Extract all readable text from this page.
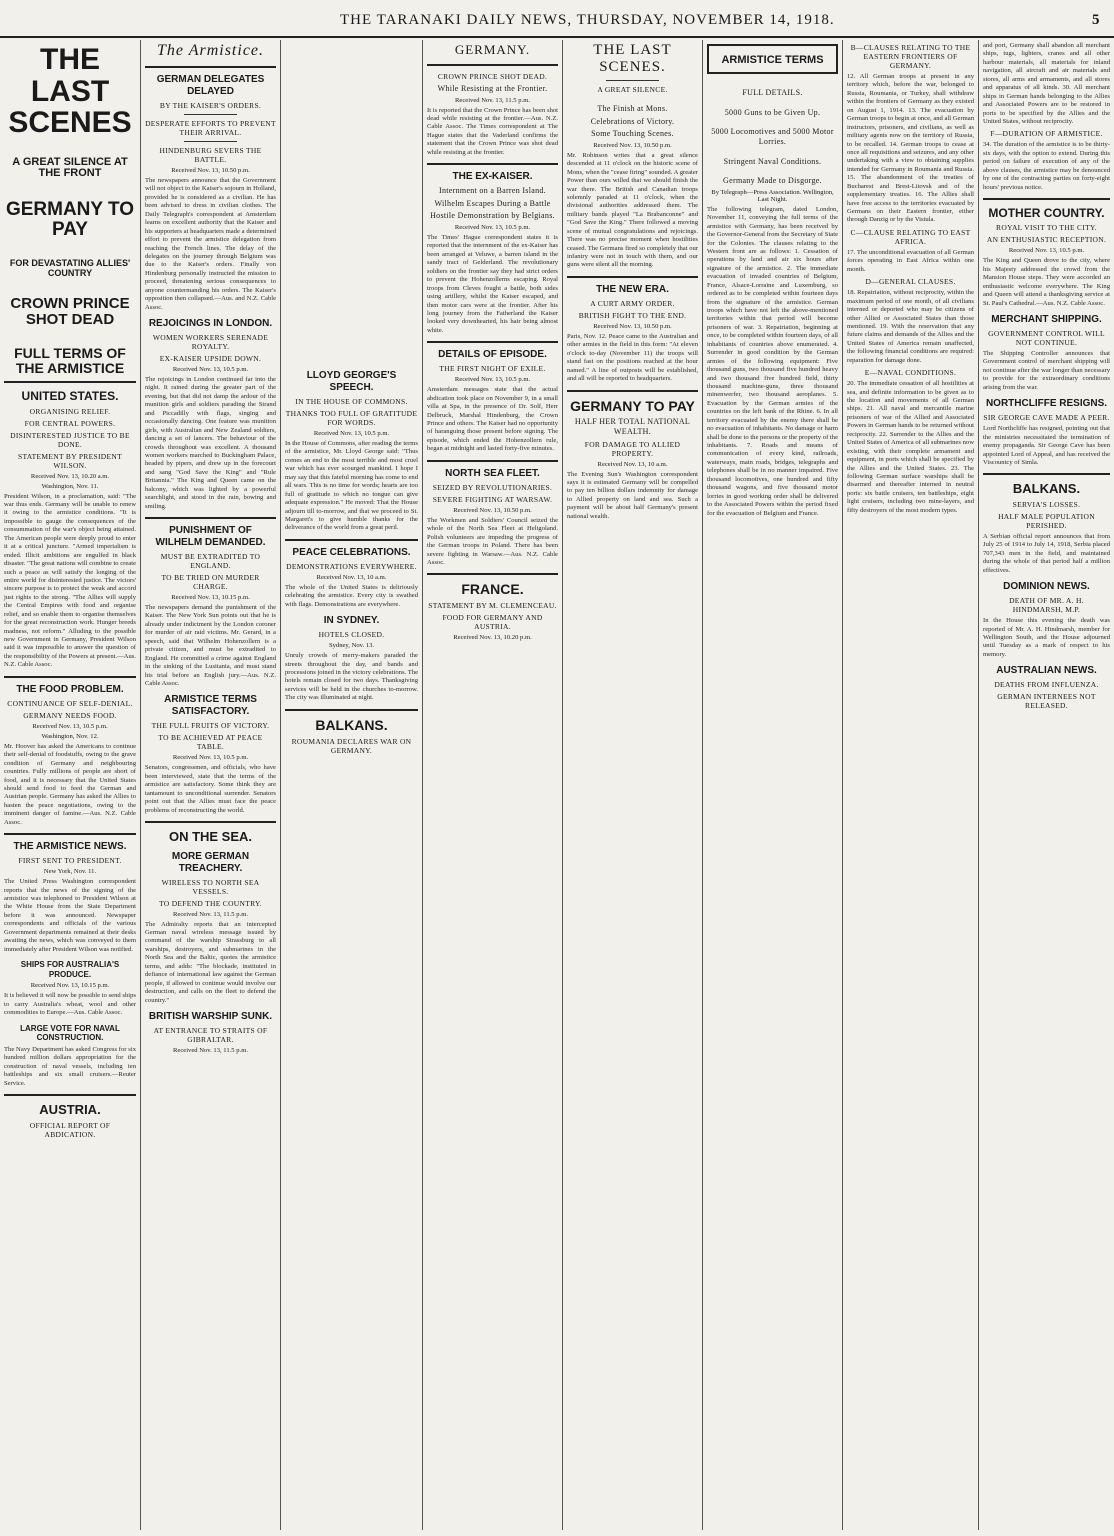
THE TARANAKI DAILY NEWS, THURSDAY, NOVEMBER 14, 1918.	5
THE LAST SCENES
A GREAT SILENCE AT THE FRONT
GERMANY TO PAY
FOR DEVASTATING ALLIES' COUNTRY
CROWN PRINCE SHOT DEAD
FULL TERMS OF THE ARMISTICE
UNITED STATES.
ORGANISING RELIEF.
FOR CENTRAL POWERS.
DISINTERESTED JUSTICE TO BE DONE.
STATEMENT BY PRESIDENT WILSON.
Received Nov. 13, 10.20 a.m.
Washington, Nov. 11.

President Wilson, in a proclamation, said: "The war thus ends. Germany will be unable to renew it owing to the armistice conditions. "It is impossible to gauge the consequences of the consummation of the war's object being attained. The American people were deeply proud to enter it at a critical juncture. "Armed imperialism is ended. Illicit ambitions are engulfed in black disaster. "The great nations will combine to create such a peace as will satisfy the longing of the entire world for disinterested justice. The victors' sincere purpose is to protect the weak and accord just rights to the strong. "The Allies will supply the Central Empires with food and organise relief, and so enable them to organise themselves for the great reconstruction work. Hunger breeds madness, not reform." Alluding to the possible new Government in Germany, President Wilson said it was impossible to answer the question of the responsibility of the Powers at present.—Aus. N.Z. Cable Assoc.

THE FOOD PROBLEM.
CONTINUANCE OF SELF-DENIAL.
GERMANY NEEDS FOOD.
Received Nov. 13, 10.5 p.m.
Washington, Nov. 12.

Mr. Hoover has asked the Americans to continue their self-denial of foodstuffs, owing to the grave condition of Germany and neighbouring countries. Fully millions of people are short of food, and it is necessary that the United States should send food to feed the German and Austrian people. Germany has asked the Allies to hasten the peace negotiations, owing to the imminent danger of famine.—Aus. N.Z. Cable Assoc.

THE ARMISTICE NEWS.
FIRST SENT TO PRESIDENT.
New York, Nov. 11.

The United Press Washington correspondent reports that the news of the signing of the armistice was telephoned to President Wilson at the White House from the State Department before it was announced. Newspaper correspondents and officials of the various Government departments remained at their desks awaiting the news, which was conveyed to them immediately after President Wilson was notified.

SHIPS FOR AUSTRALIA'S PRODUCE.
Received Nov. 13, 10.15 p.m.

It is believed it will now be possible to send ships to carry Australia's wheat, wool and other commodities to Europe.—Aus. Cable Assoc.

LARGE VOTE FOR NAVAL CONSTRUCTION.

The Navy Department has asked Congress for six hundred million dollars appropriation for the construction of naval vessels, including ten battleships and six small cruisers.—Reuter Service.

AUSTRIA.
OFFICIAL REPORT OF ABDICATION.
The Armistice.
GERMAN DELEGATES DELAYED
BY THE KAISER'S ORDERS.
DESPERATE EFFORTS TO PREVENT THEIR ARRIVAL.
HINDENBURG SEVERS THE BATTLE.
Received Nov. 13, 10.50 p.m.

The newspapers announce that the Government will not object to the Kaiser's sojourn in Holland, provided he is considered as a civilian. He has been advised to dress in civilian clothes. The Daily Telegraph's correspondent at Amsterdam learns on excellent authority that the Kaiser and his supporters at headquarters made a determined effort to prevent the armistice delegation from reaching the French lines. The delay of the delegates on the journey through Belgium was due to the Kaiser's orders. Finally von Hindenburg personally instructed the mission to proceed, threatening serious consequences to anyone countermanding his orders. The Kaiser's opposition then collapsed.—Aus. and N.Z. Cable Assoc.

REJOICINGS IN LONDON.
WOMEN WORKERS SERENADE ROYALTY.
EX-KAISER UPSIDE DOWN.
Received Nov. 13, 10.5 p.m.

The rejoicings in London continued far into the night. It rained during the greater part of the evening, but that did not damp the ardour of the munition girls and soldiers parading the Strand and Piccadilly with flags, singing and occasionally dancing. One feature was munition girls, with Australian and New Zealand soldiers, dancing a set of lancers. The behaviour of the crowds throughout was excellent. A thousand women workers marched to Buckingham Palace, headed by pipers, and drew up in the forecourt and sang "God Save the King" and "Rule Britannia." The King and Queen came on the balcony, which was lighted by a powerful searchlight, and stood in the rain, bowing and smiling.

PUNISHMENT OF WILHELM DEMANDED.
MUST BE EXTRADITED TO ENGLAND.
TO BE TRIED ON MURDER CHARGE.
Received Nov. 13, 10.15 p.m.

The newspapers demand the punishment of the Kaiser. The New York Sun points out that he is already under indictment by the London coroner for murder of air raid victims. Mr. Gerard, in a speech, said that Wilhelm Hohenzollern is a private citizen, and must be extradited to England. He committed a crime against England in the sinking of the Lusitania, and must stand his trial before an English jury.—Aus. N.Z. Cable Assoc.

ARMISTICE TERMS SATISFACTORY.
THE FULL FRUITS OF VICTORY.
TO BE ACHIEVED AT PEACE TABLE.
Received Nov. 13, 10.5 p.m.

Senators, congressmen, and officials, who have been interviewed, state that the terms of the armistice are satisfactory. Some think they are tantamount to unconditional surrender. Senators point out that the Allies must face the peace problems of reconstructing the world.

ON THE SEA.
MORE GERMAN TREACHERY.
WIRELESS TO NORTH SEA VESSELS.
TO DEFEND THE COUNTRY.
Received Nov. 13, 11.5 p.m.

The Admiralty reports that an intercepted German naval wireless message issued by command of the warship Strassburg to all warships, destroyers, and submarines in the North Sea and the Baltic, quotes the armistice terms, and adds: "The blockade, instituted in defiance of international law against the German people, if allowed to continue would involve our destruction, and calls on the fleet to defend the country."

BRITISH WARSHIP SUNK.
AT ENTRANCE TO STRAITS OF GIBRALTAR.
Received Nov. 13, 11.5 p.m.
LLOYD GEORGE'S SPEECH.
IN THE HOUSE OF COMMONS.
THANKS TOO FULL OF GRATITUDE FOR WORDS.
Received Nov. 13, 10.5 p.m.

In the House of Commons, after reading the terms of the armistice, Mr. Lloyd George said: "Thus comes an end to the most terrible and most cruel war which has ever scourged mankind. I hope I may say that this fateful morning has come to end all wars. This is no time for words; hearts are too full of gratitude to which no tongue can give adequate expression." He moved: That the House adjourn till to-morrow, and that we proceed to St. Margaret's to give humble thanks for the deliverance of the world from a great peril.

PEACE CELEBRATIONS.
DEMONSTRATIONS EVERYWHERE.
Received Nov. 13, 10 a.m.

The whole of the United States is deliriously celebrating the armistice. Every city is swathed with flags. Demonstrations are everywhere.

IN SYDNEY.
HOTELS CLOSED.
Sydney, Nov. 13.

Unruly crowds of merry-makers paraded the streets throughout the day, and bands and processions joined in the victory celebrations. The hotels remain closed for two days. Thanksgiving services will be held in the churches to-morrow. The city was illuminated at night.

BALKANS.
ROUMANIA DECLARES WAR ON GERMANY.
GERMANY.
CROWN PRINCE SHOT DEAD.
While Resisting at the Frontier.
Received Nov. 13, 11.5 p.m.

It is reported that the Crown Prince has been shot dead while resisting at the frontier.—Aus. N.Z. Cable Assoc. The Times correspondent at The Hague states that the Vaderland confirms the statement that the Crown Prince was shot dead while resisting at the frontier.

THE EX-KAISER.
Internment on a Barren Island.
Wilhelm Escapes During a Battle
Hostile Demonstration by Belgians.
Received Nov. 13, 10.5 p.m.

The Times' Hague correspondent states it is reported that the internment of the ex-Kaiser has been arranged at Veluwe, a barren island in the sandy tract of Gelderland. The revolutionary soldiers on the frontier say they had strict orders to prevent the Hohenzollerns escaping. Royal troops from Cleves fought a battle, both sides using artillery, whilst the Kaiser escaped, and then motor cars were at the frontier. After his long journey from the Fatherland the Kaiser looked very downhearted, his hair being almost white.

DETAILS OF EPISODE.
THE FIRST NIGHT OF EXILE.
Received Nov. 13, 10.5 p.m.

Amsterdam messages state that the actual abdication took place on November 9, in a small villa at Spa, in the presence of Dr. Solf, Herr Delbruck, Marshal Hindenburg, the Crown Prince and others. The Kaiser had no opportunity of haranguing those present before signing. The episode, which ended the Hohenzollern rule, began at midnight and lasted forty-five minutes.

NORTH SEA FLEET.
SEIZED BY REVOLUTIONARIES.
SEVERE FIGHTING AT WARSAW.
Received Nov. 13, 10.50 p.m.

The Workmen and Soldiers' Council seized the whole of the North Sea Fleet at Heligoland. Polish volunteers are impeding the progress of the German troops in Poland. There has been severe fighting in Warsaw.—Aus. N.Z. Cable Assoc.

FRANCE.
STATEMENT BY M. CLEMENCEAU.
FOOD FOR GERMANY AND AUSTRIA.
Received Nov. 13, 10.20 p.m.
THE LAST SCENES.
A GREAT SILENCE.
The Finish at Mons.
Celebrations of Victory.
Some Touching Scenes.
Received Nov. 13, 10.50 p.m.

Mr. Robinson writes that a great silence descended at 11 o'clock on the historic scene of Mons, when the "cease firing" sounded. A greater Power than ours willed that we should finish the war there. The British and Canadian troops solemnly paraded at 11 o'clock, when the divisional authorities addressed them. The military bands played "La Brabanconne" and "God Save the King." There followed a moving scene of mutual congratulations and rejoicings. There was no precise moment when hostilities ceased. The Germans fired so completely that our infantry were not in touch with them, and our guns were silent all the morning.

THE NEW ERA.
A CURT ARMY ORDER.
BRITISH FIGHT TO THE END.
Received Nov. 13, 10.50 p.m.

Paris, Nov. 12. Peace came to the Australian and other armies in the field in this form: "At eleven o'clock to-day (November 11) the troops will stand fast on the positions reached at the hour named." A line of outposts will be established, and all will be reported to headquarters.

GERMANY TO PAY
HALF HER TOTAL NATIONAL WEALTH.
FOR DAMAGE TO ALLIED PROPERTY.
Received Nov. 13, 10 a.m.

The Evening Sun's Washington correspondent says it is estimated Germany will be compelled to pay ten billion dollars indemnity for damage to Allied property on land and sea. Such a payment will be about half Germany's present national wealth.

ARMISTICE TERMS
FULL DETAILS.
5000 Guns to be Given Up.
5000 Locomotives and 5000 Motor Lorries.
Stringent Naval Conditions.
Germany Made to Disgorge.
By Telegraph—Press Association. Wellington, Last Night.

The following telegram, dated London, November 11, conveying the full terms of the armistice with Germany, has been received by the Governor-General from the Secretary of State for the Colonies. The clauses relating to the Western front are as follows: 1. Cessation of operations by land and air six hours after signature of the armistice. 2. The immediate evacuation of invaded countries of Belgium, France, Alsace-Lorraine and Luxemburg, so ordered as to be completed within fourteen days from the signature of the armistice. German troops which have not left the above-mentioned territories within that period will become prisoners of war. 3. Repatriation, beginning at once, to be completed within fourteen days, of all inhabitants of countries above enumerated. 4. Surrender in good condition by the German armies of the following equipment: Five thousand guns, two thousand five hundred heavy and two thousand five hundred field, thirty thousand machine-guns, three thousand minenwerfer, two thousand aeroplanes. 5. Evacuation by the German armies of the countries on the left bank of the Rhine. 6. In all territory evacuated by the enemy there shall be no evacuation of inhabitants. No damage or harm shall be done to the persons or the property of the inhabitants. 7. Roads and means of communication of every kind, railroads, waterways, main roads, bridges, telegraphs and telephones shall be in no manner impaired. Five thousand locomotives, one hundred and fifty thousand wagons, and five thousand motor lorries in good working order shall be delivered to the Associated Powers within the period fixed for the evacuation of Belgium and France.

B—CLAUSES RELATING TO THE EASTERN FRONTIERS OF GERMANY.

12. All German troops at present in any territory which, before the war, belonged to Russia, Roumania, or Turkey, shall withdraw within the frontiers of Germany as they existed on August 1, 1914. 13. The evacuation by German troops to begin at once, and all German instructors, prisoners, and civilians, as well as military agents now on the territory of Russia, to be recalled. 14. German troops to cease at once all requisitions and seizures, and any other undertaking with a view to obtaining supplies intended for Germany in Roumania and Russia. 15. The abandonment of the treaties of Bucharest and Brest-Litovsk and of the supplementary treaties. 16. The Allies shall have free access to the territories evacuated by Germans on their Eastern frontier, either through Danzig or by the Vistula.

C—CLAUSE RELATING TO EAST AFRICA.

17. The unconditional evacuation of all German forces operating in East Africa within one month.

D—GENERAL CLAUSES.

18. Repatriation, without reciprocity, within the maximum period of one month, of all civilians interned or deported who may be citizens of other Allied or Associated States than those mentioned. 19. With the reservation that any future claims and demands of the Allies and the United States of America remain unaffected, the following financial conditions are required: reparation for damage done.

E—NAVAL CONDITIONS.

20. The immediate cessation of all hostilities at sea, and definite information to be given as to the location and movements of all German ships. 21. All naval and mercantile marine prisoners of war of the Allied and Associated Powers in German hands to be returned without reciprocity. 22. Surrender to the Allies and the United States of America of all submarines now existing, with their complete armament and equipment, in ports which shall be specified by the Allies and the United States. 23. The following German surface warships shall be disarmed and thereafter interned in neutral ports: six battle cruisers, ten battleships, eight light cruisers, including two mine-layers, and fifty destroyers of the most modern types.

and port, Germany shall abandon all merchant ships, tugs, lighters, cranes and all other harbour materials, all materials for inland navigation, all aircraft and air materials and stores, all arms and armaments, and all stores and apparatus of all kinds. 30. All merchant ships in German hands belonging to the Allies and Associated Powers are to be restored in ports to be specified by the Allies and the United States, without reciprocity.

F—DURATION OF ARMISTICE.

34. The duration of the armistice is to be thirty-six days, with the option to extend. During this period on failure of execution of any of the above clauses, the armistice may be denounced by one of the contracting parties on forty-eight hours' previous notice.

MOTHER COUNTRY.
ROYAL VISIT TO THE CITY.
AN ENTHUSIASTIC RECEPTION.
Received Nov. 13, 10.5 p.m.

The King and Queen drove to the city, where his Majesty addressed the crowd from the Mansion House steps. They were accorded an enthusiastic welcome everywhere. The King and Queen will attend a thanksgiving service at St. Paul's Cathedral.—Aus. N.Z. Cable Assoc.

MERCHANT SHIPPING.
GOVERNMENT CONTROL WILL NOT CONTINUE.

The Shipping Controller announces that Government control of merchant shipping will not continue after the war longer than necessary to provide for the extraordinary conditions arising from the war.

NORTHCLIFFE RESIGNS.
SIR GEORGE CAVE MADE A PEER.

Lord Northcliffe has resigned, pointing out that the ministries necessitated the termination of enemy propaganda. Sir George Cave has been appointed Lord of Appeal, and has received the Viscountcy of Simla.

BALKANS.
SERVIA'S LOSSES.
HALF MALE POPULATION PERISHED.

A Serbian official report announces that from July 25 of 1914 to July 14, 1918, Serbia placed 707,343 men in the field, and maintained during the whole of that period half a million effectives.

DOMINION NEWS.
DEATH OF MR. A. H. HINDMARSH, M.P.

In the House this evening the death was reported of Mr. A. H. Hindmarsh, member for Wellington South, and the House adjourned until Tuesday as a mark of respect to his memory.

AUSTRALIAN NEWS.
DEATHS FROM INFLUENZA.
GERMAN INTERNEES NOT RELEASED.
